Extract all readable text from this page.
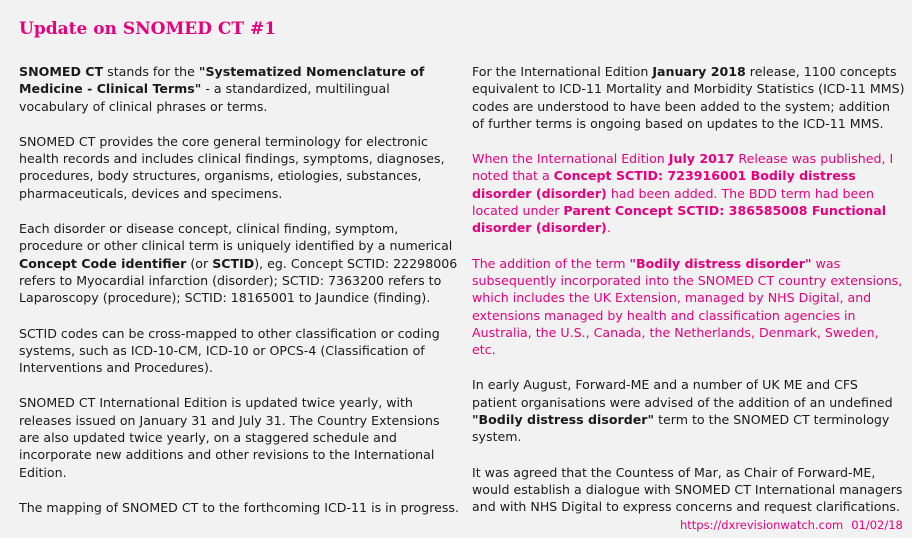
Update on SNOMED CT #1

SNOMED CT stands for the "Systematized Nomenclature of Medicine - Clinical Terms" - a standardized, multilingual vocabulary of clinical phrases or terms.

SNOMED CT provides the core general terminology for electronic health records and includes clinical findings, symptoms, diagnoses, procedures, body structures, organisms, etiologies, substances, pharmaceuticals, devices and specimens.

Each disorder or disease concept, clinical finding, symptom, procedure or other clinical term is uniquely identified by a numerical Concept Code identifier (or SCTID), eg. Concept SCTID: 22298006 refers to Myocardial infarction (disorder); SCTID: 7363200 refers to Laparoscopy (procedure); SCTID: 18165001 to Jaundice (finding).

SCTID codes can be cross-mapped to other classification or coding systems, such as ICD-10-CM, ICD-10 or OPCS-4 (Classification of Interventions and Procedures).

SNOMED CT International Edition is updated twice yearly, with releases issued on January 31 and July 31. The Country Extensions are also updated twice yearly, on a staggered schedule and incorporate new additions and other revisions to the International Edition.

The mapping of SNOMED CT to the forthcoming ICD-11 is in progress.

For the International Edition January 2018 release, 1100 concepts equivalent to ICD-11 Mortality and Morbidity Statistics (ICD-11 MMS) codes are understood to have been added to the system; addition of further terms is ongoing based on updates to the ICD-11 MMS.

When the International Edition July 2017 Release was published, I noted that a Concept SCTID: 723916001 Bodily distress disorder (disorder) had been added. The BDD term had been located under Parent Concept SCTID: 386585008 Functional disorder (disorder).

The addition of the term "Bodily distress disorder" was subsequently incorporated into the SNOMED CT country extensions, which includes the UK Extension, managed by NHS Digital, and extensions managed by health and classification agencies in Australia, the U.S., Canada, the Netherlands, Denmark, Sweden, etc.

In early August, Forward-ME and a number of UK ME and CFS patient organisations were advised of the addition of an undefined "Bodily distress disorder" term to the SNOMED CT terminology system.

It was agreed that the Countess of Mar, as Chair of Forward-ME, would establish a dialogue with SNOMED CT International managers and with NHS Digital to express concerns and request clarifications.

https://dxrevisionwatch.com 01/02/18
